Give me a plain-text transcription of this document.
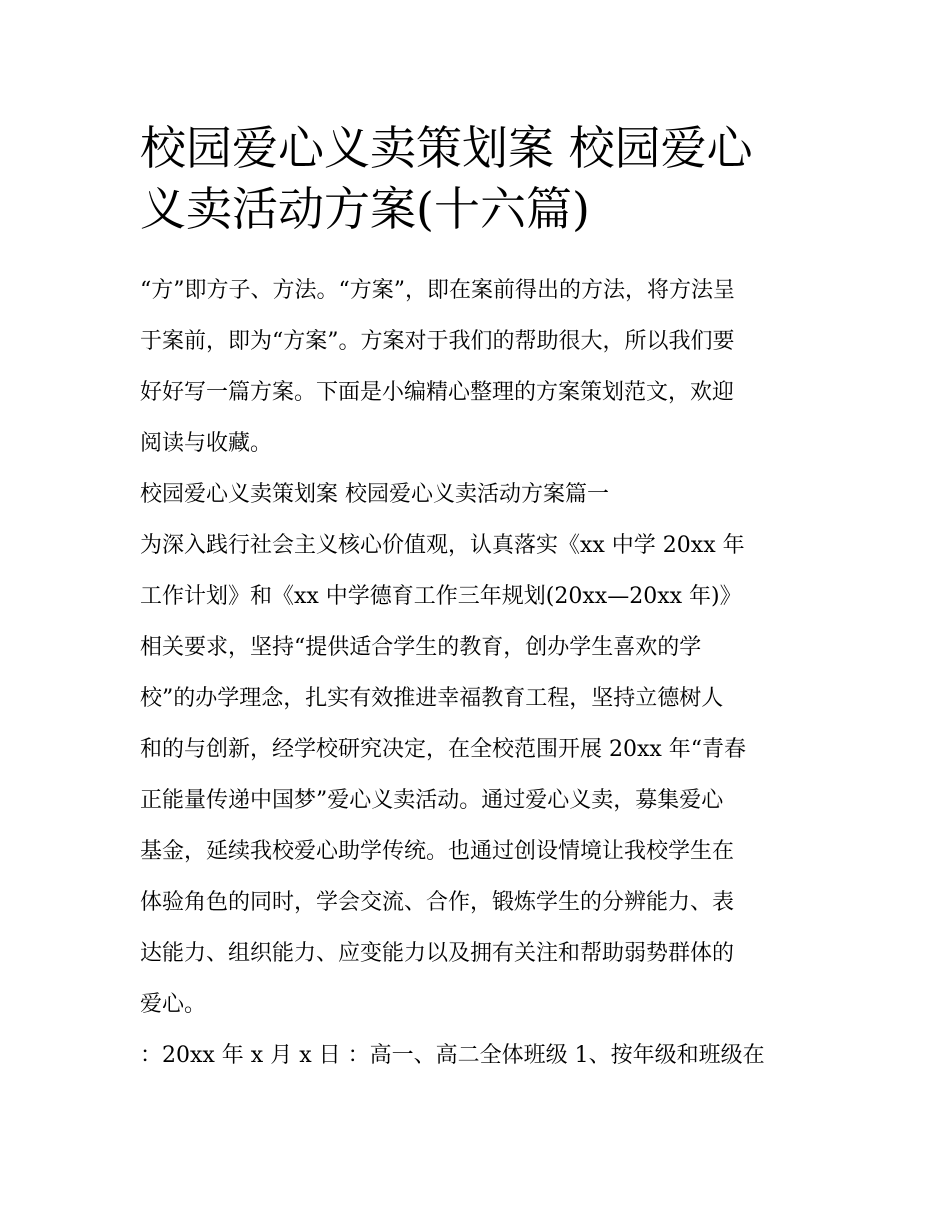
校园爱心义卖策划案 校园爱心
义卖活动方案(十六篇)
“方”即方子、方法。“方案”，即在案前得出的方法，将方法呈
于案前，即为“方案”。方案对于我们的帮助很大，所以我们要
好好写一篇方案。下面是小编精心整理的方案策划范文，欢迎
阅读与收藏。
校园爱心义卖策划案 校园爱心义卖活动方案篇一
为深入践行社会主义核心价值观，认真落实《xx 中学 20xx 年
工作计划》和《xx 中学德育工作三年规划(20xx—20xx 年)》
相关要求，坚持“提供适合学生的教育，创办学生喜欢的学
校”的办学理念，扎实有效推进幸福教育工程，坚持立德树人
和的与创新，经学校研究决定，在全校范围开展 20xx 年“青春
正能量传递中国梦”爱心义卖活动。通过爱心义卖，募集爱心
基金，延续我校爱心助学传统。也通过创设情境让我校学生在
体验角色的同时，学会交流、合作，锻炼学生的分辨能力、表
达能力、组织能力、应变能力以及拥有关注和帮助弱势群体的
爱心。
：20xx 年 x 月 x 日 ：高一、高二全体班级 1、按年级和班级在
